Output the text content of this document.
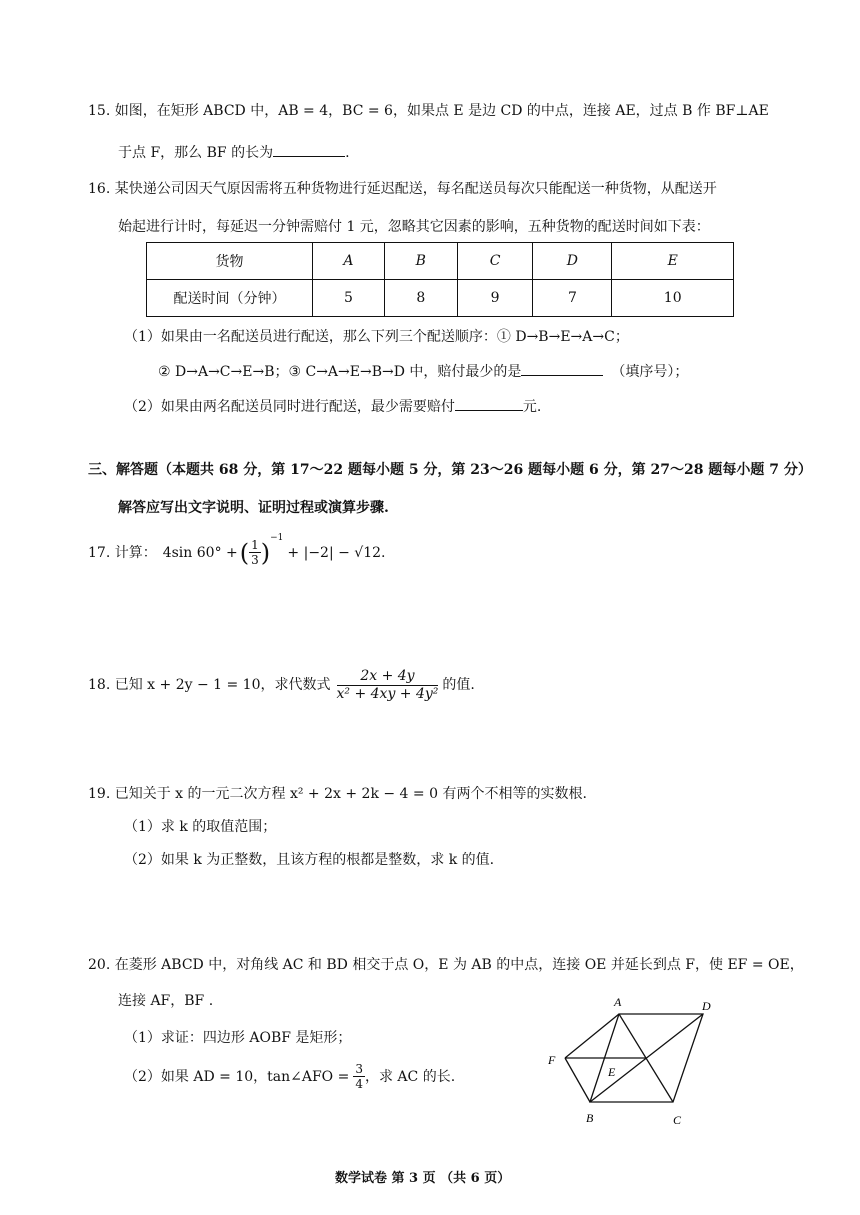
15. 如图，在矩形 ABCD 中，AB = 4，BC = 6，如果点 E 是边 CD 的中点，连接 AE，过点 B 作 BF⊥AE
于点 F，那么 BF 的长为	.
16. 某快递公司因天气原因需将五种货物进行延迟配送，每名配送员每次只能配送一种货物，从配送开
始起进行计时，每延迟一分钟需赔付 1 元，忽略其它因素的影响，五种货物的配送时间如下表：
货物	A	B	C	D	E
配送时间（分钟）	5	8	9	7	10
（1）如果由一名配送员进行配送，那么下列三个配送顺序：① D→B→E→A→C；
② D→A→C→E→B；③ C→A→E→B→D 中，赔付最少的是	（填序号）；
（2）如果由两名配送员同时进行配送，最少需要赔付	元.
三、解答题（本题共 68 分，第 17～22 题每小题 5 分，第 23～26 题每小题 6 分，第 27～28 题每小题 7 分）
解答应写出文字说明、证明过程或演算步骤.
17. 计算： 4sin 60° + ( $\frac{1}{3}$ )
−1
+ |−2| − √12.
18. 已知 x + 2y − 1 = 10，求代数式 $\frac{2x + 4y}{\text{x² + 4xy + 4y²}}$ 的值.
19. 已知关于 x 的一元二次方程 x² + 2x + 2k − 4 = 0 有两个不相等的实数根.
（1）求 k 的取值范围；
（2）如果 k 为正整数，且该方程的根都是整数，求 k 的值.
20. 在菱形 ABCD 中，对角线 AC 和 BD 相交于点 O，E 为 AB 的中点，连接 OE 并延长到点 F，使 EF = OE，
连接 AF，BF .
（1）求证：四边形 AOBF 是矩形；
（2）如果 AD = 10，tan∠AFO = $\frac{3}{4}$ ，求 AC 的长.
A	D
F
E
B	C
数学试卷 第 3 页 （共 6 页）
